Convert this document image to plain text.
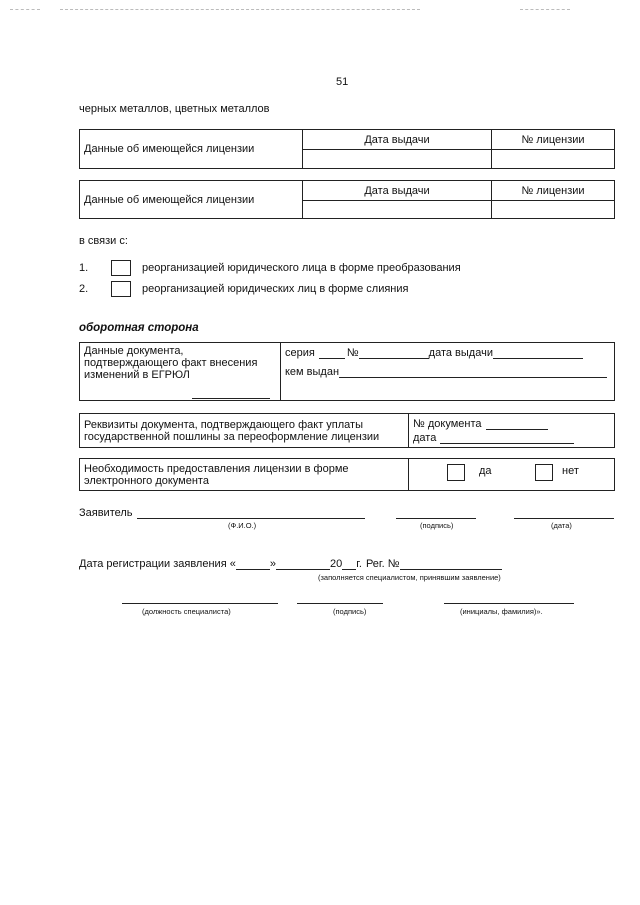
51
черных металлов, цветных металлов
Данные об имеющейся лицензии	Дата выдачи	№ лицензии

Данные об имеющейся лицензии	Дата выдачи	№ лицензии

в связи с:
1.	реорганизацией юридического лица в форме преобразования
2.	реорганизацией юридических лиц в форме слияния
оборотная сторона
Данные документа, подтверждающего факт внесения изменений в ЕГРЮЛ	
серия	№	дата выдачи
кем выдан
Реквизиты документа, подтверждающего факт уплаты государственной пошлины за переоформление лицензии	
№ документа
дата
Необходимость предоставления лицензии в форме электронного документа	
да	нет
Заявитель
(Ф.И.О.)	(подпись)	(дата)
Дата регистрации заявления «	»	20 г. Рег. №
(заполняется специалистом, принявшим заявление)
(должность специалиста)	(подпись)	(инициалы, фамилия)».
